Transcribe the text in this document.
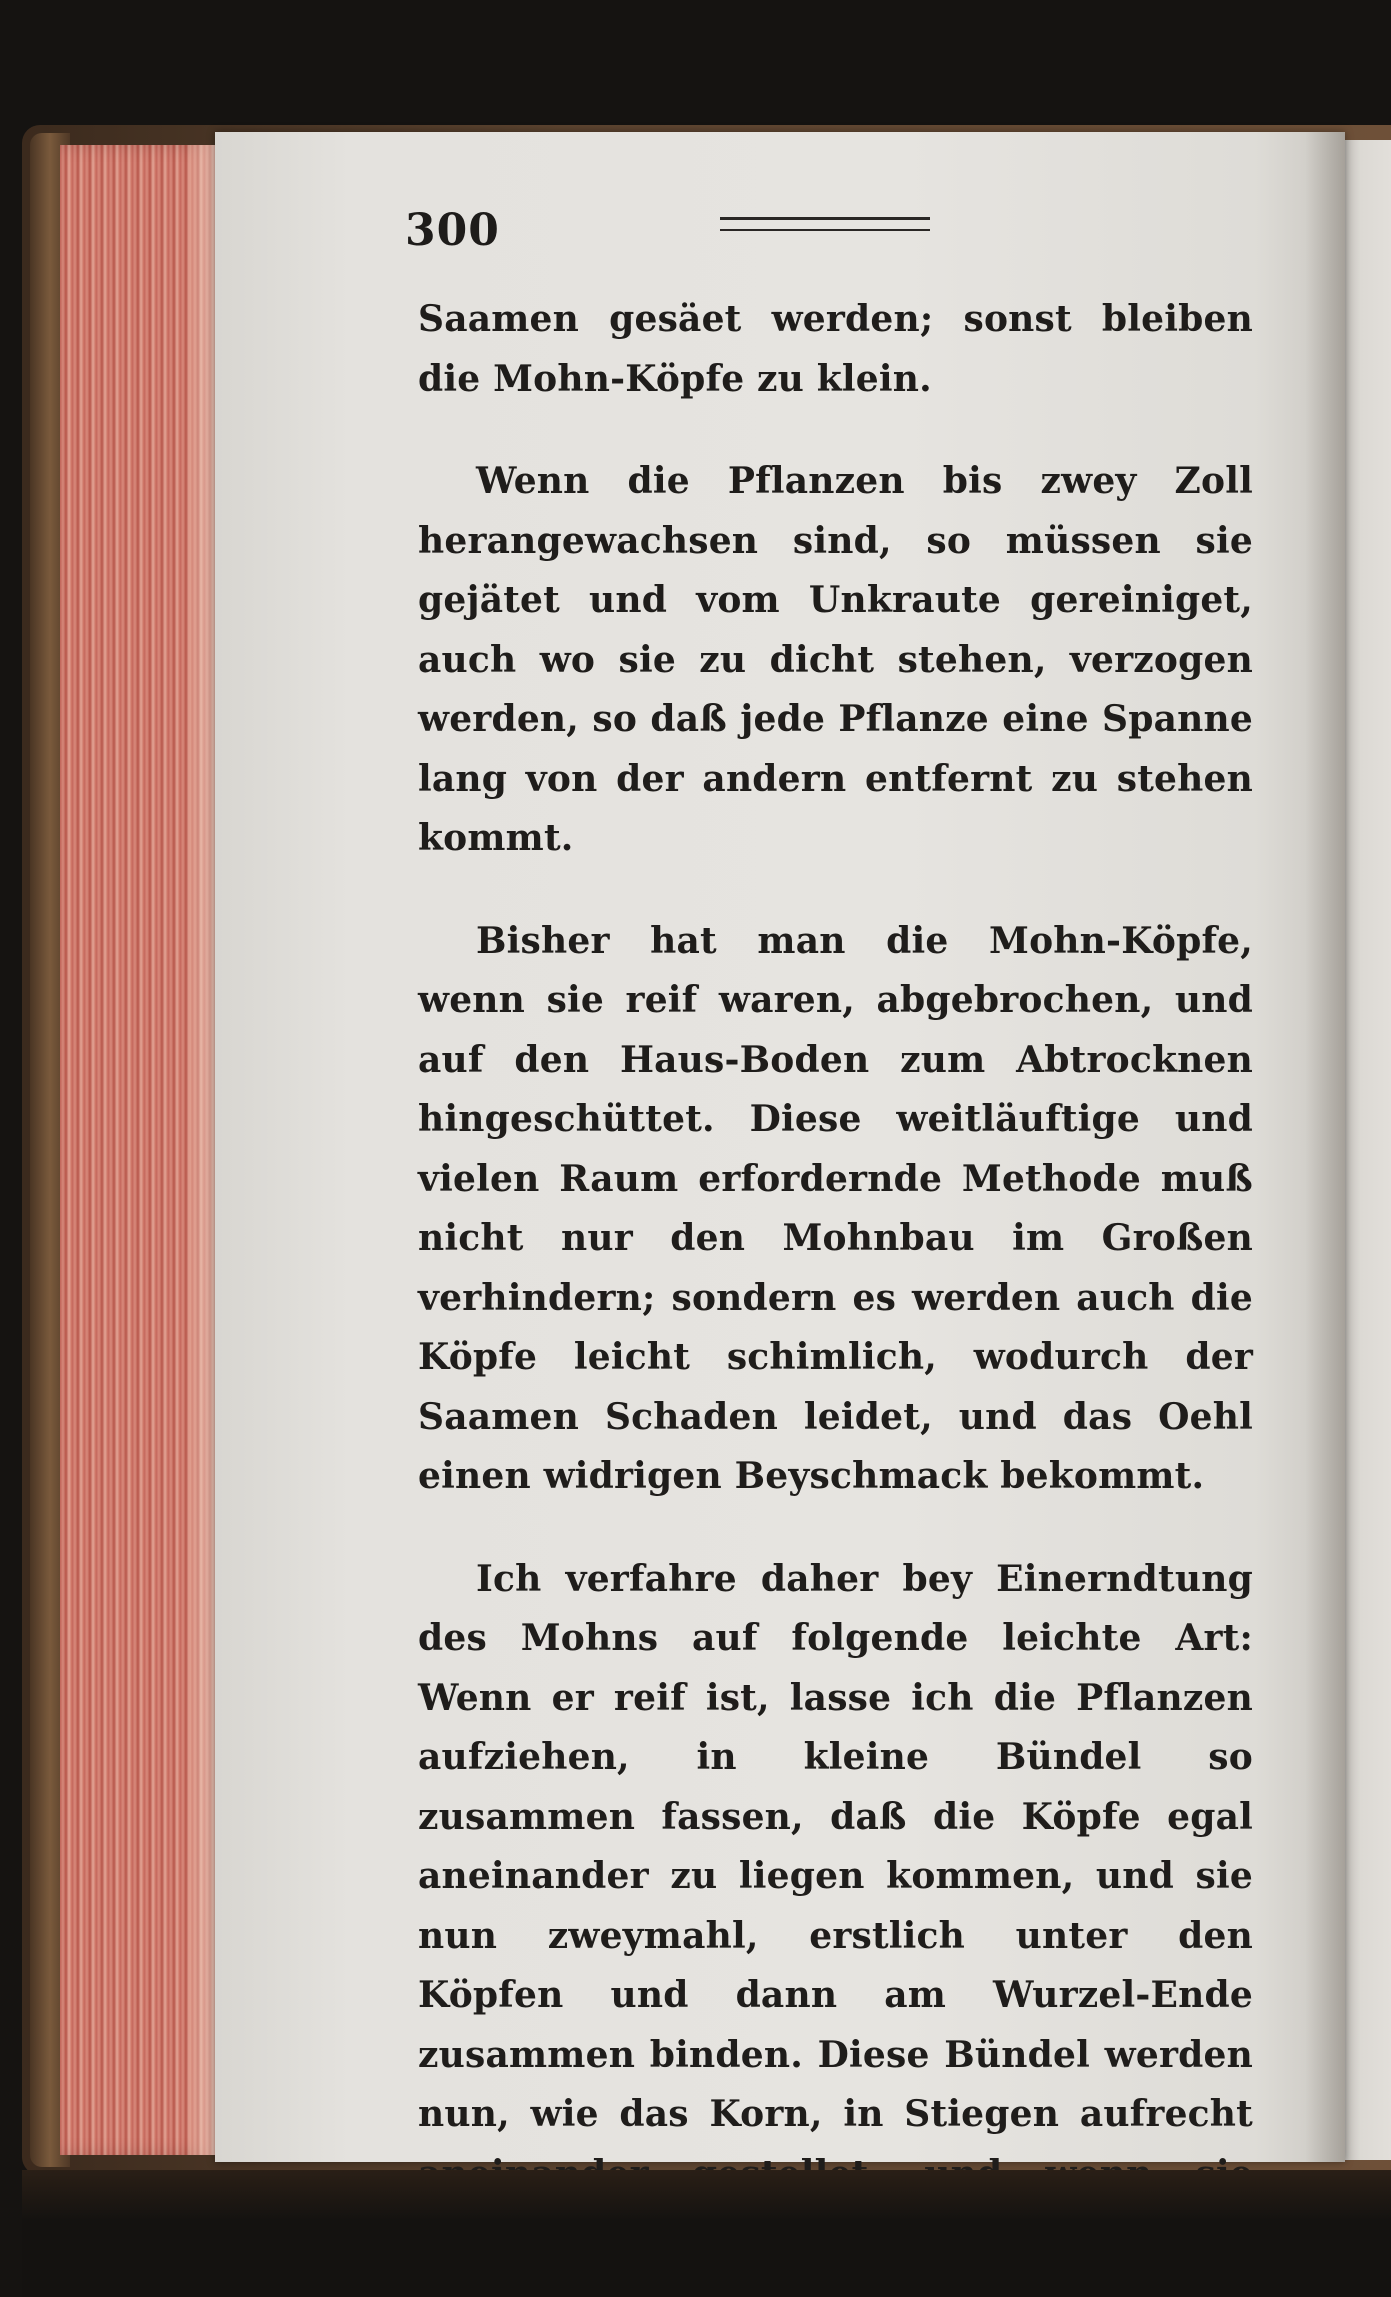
300

Saamen gesäet werden; sonst bleiben die Mohn-Köpfe zu klein.

Wenn die Pflanzen bis zwey Zoll herangewachsen sind, so müssen sie gejätet und vom Unkraute gereiniget, auch wo sie zu dicht stehen, verzogen werden, so daß jede Pflanze eine Spanne lang von der andern entfernt zu stehen kommt.

Bisher hat man die Mohn-Köpfe, wenn sie reif waren, abgebrochen, und auf den Haus-Boden zum Abtrocknen hingeschüttet. Diese weitläuftige und vielen Raum erfordernde Methode muß nicht nur den Mohnbau im Großen verhindern; sondern es werden auch die Köpfe leicht schimlich, wodurch der Saamen Schaden leidet, und das Oehl einen widrigen Beyschmack bekommt.

Ich verfahre daher bey Einerndtung des Mohns auf folgende leichte Art: Wenn er reif ist, lasse ich die Pflanzen aufziehen, in kleine Bündel so zusammen fassen, daß die Köpfe egal aneinander zu liegen kommen, und sie nun zweymahl, erstlich unter den Köpfen und dann am Wurzel-Ende zusammen binden. Diese Bündel werden nun, wie das Korn, in Stiegen aufrecht
